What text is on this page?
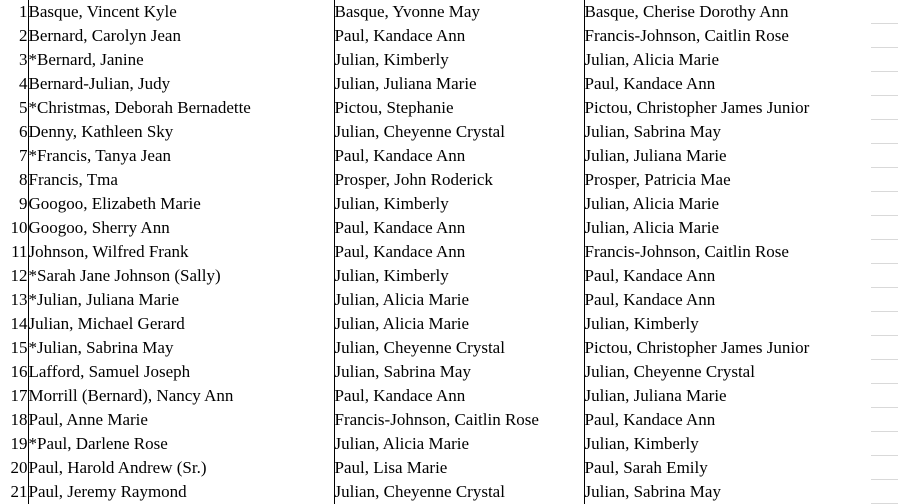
1	Basque, Vincent Kyle	Basque, Yvonne May	Basque, Cherise Dorothy Ann	
2	Bernard, Carolyn Jean	Paul, Kandace Ann	Francis-Johnson, Caitlin Rose	
3	*Bernard, Janine	Julian, Kimberly	Julian, Alicia Marie	
4	Bernard-Julian, Judy	Julian, Juliana Marie	Paul, Kandace Ann	
5	*Christmas, Deborah Bernadette	Pictou, Stephanie	Pictou, Christopher James Junior	
6	Denny, Kathleen Sky	Julian, Cheyenne Crystal	Julian, Sabrina May	
7	*Francis, Tanya Jean	Paul, Kandace Ann	Julian, Juliana Marie	
8	Francis, Tma	Prosper, John Roderick	Prosper, Patricia Mae	
9	Googoo, Elizabeth Marie	Julian, Kimberly	Julian, Alicia Marie	
10	Googoo, Sherry Ann	Paul, Kandace Ann	Julian, Alicia Marie	
11	Johnson, Wilfred Frank	Paul, Kandace Ann	Francis-Johnson, Caitlin Rose	
12	*Sarah Jane Johnson (Sally)	Julian, Kimberly	Paul, Kandace Ann	
13	*Julian, Juliana Marie	Julian, Alicia Marie	Paul, Kandace Ann	
14	Julian, Michael Gerard	Julian, Alicia Marie	Julian, Kimberly	
15	*Julian, Sabrina May	Julian, Cheyenne Crystal	Pictou, Christopher James Junior	
16	Lafford, Samuel Joseph	Julian, Sabrina May	Julian, Cheyenne Crystal	
17	Morrill (Bernard), Nancy Ann	Paul, Kandace Ann	Julian, Juliana Marie	
18	Paul, Anne Marie	Francis-Johnson, Caitlin Rose	Paul, Kandace Ann	
19	*Paul, Darlene Rose	Julian, Alicia Marie	Julian, Kimberly	
20	Paul, Harold Andrew (Sr.)	Paul, Lisa Marie	Paul, Sarah Emily	
21	Paul, Jeremy Raymond	Julian, Cheyenne Crystal	Julian, Sabrina May	
